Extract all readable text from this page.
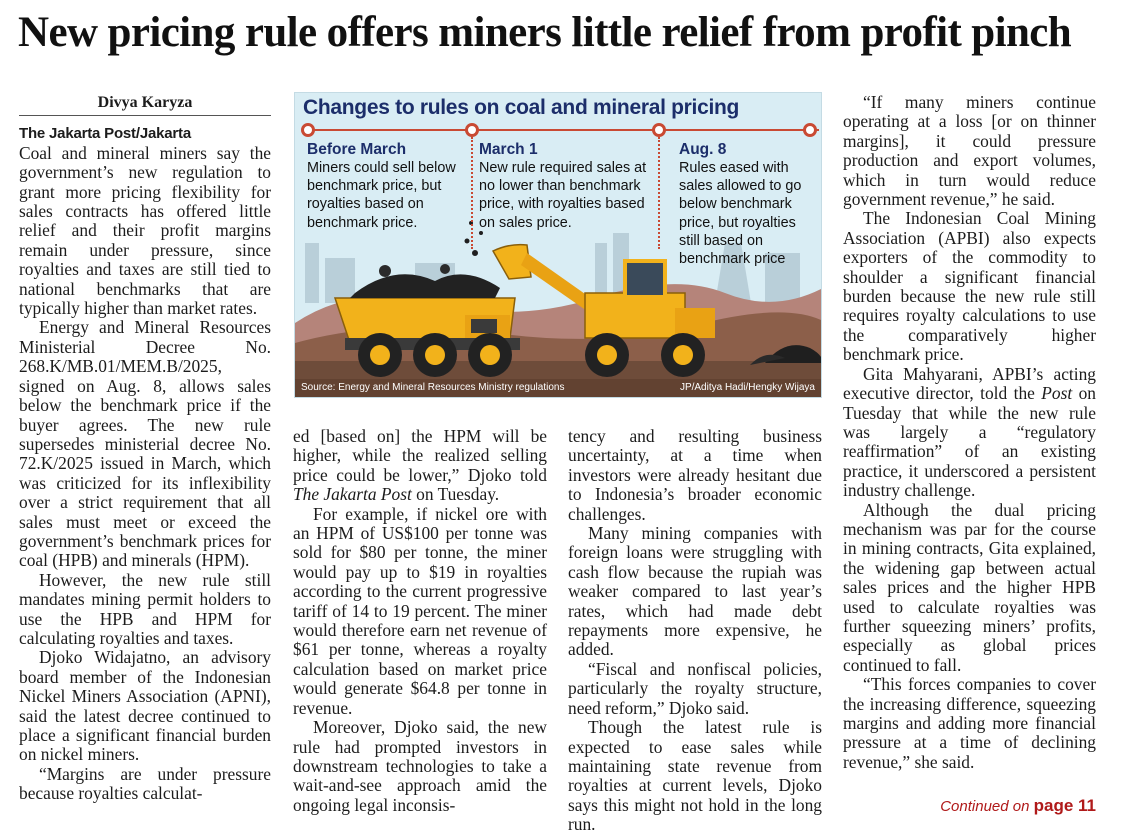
New pricing rule offers miners little relief from profit pinch
Divya Karyza
The Jakarta Post/Jakarta

Coal and mineral miners say the government’s new regulation to grant more pricing flexibility for sales contracts has offered little relief and their profit margins remain under pressure, since royalties and taxes are still tied to national benchmarks that are typically higher than market rates.

Energy and Mineral Resources Ministerial Decree No. 268.K/MB.01/MEM.B/2025, signed on Aug. 8, allows sales below the benchmark price if the buyer agrees. The new rule supersedes ministerial decree No. 72.K/2025 issued in March, which was criticized for its inflexibility over a strict requirement that all sales must meet or exceed the government’s benchmark prices for coal (HPB) and minerals (HPM).

However, the new rule still mandates mining permit holders to use the HPB and HPM for calculating royalties and taxes.

Djoko Widajatno, an advisory board member of the Indonesian Nickel Miners Association (APNI), said the latest decree continued to place a significant financial burden on nickel miners.

“Margins are under pressure because royalties calculat-

Changes to rules on coal and mineral pricing
Before March
Miners could sell below benchmark price, but royalties based on benchmark price.
March 1
New rule required sales at no lower than benchmark price, with royalties based on sales price.
Aug. 8
Rules eased with sales allowed to go below benchmark price, but royalties still based on benchmark price
Source: Energy and Mineral Resources Ministry regulations	JP/Aditya Hadi/Hengky Wijaya

ed [based on] the HPM will be higher, while the realized selling price could be lower,” Djoko told The Jakarta Post on Tuesday.

For example, if nickel ore with an HPM of US$100 per tonne was sold for $80 per tonne, the miner would pay up to $19 in royalties according to the current progressive tariff of 14 to 19 percent. The miner would therefore earn net revenue of $61 per tonne, whereas a royalty calculation based on market price would generate $64.8 per tonne in revenue.

Moreover, Djoko said, the new rule had prompted investors in downstream technologies to take a wait-and-see approach amid the ongoing legal inconsis-

tency and resulting business uncertainty, at a time when investors were already hesitant due to Indonesia’s broader economic challenges.

Many mining companies with foreign loans were struggling with cash flow because the rupiah was weaker compared to last year’s rates, which had made debt repayments more expensive, he added.

“Fiscal and nonfiscal policies, particularly the royalty structure, need reform,” Djoko said.

Though the latest rule is expected to ease sales while maintaining state revenue from royalties at current levels, Djoko says this might not hold in the long run.

“If many miners continue operating at a loss [or on thinner margins], it could pressure production and export volumes, which in turn would reduce government revenue,” he said.

The Indonesian Coal Mining Association (APBI) also expects exporters of the commodity to shoulder a significant financial burden because the new rule still requires royalty calculations to use the comparatively higher benchmark price.

Gita Mahyarani, APBI’s acting executive director, told the Post on Tuesday that while the new rule was largely a “regulatory reaffirmation” of an existing practice, it underscored a persistent industry challenge.

Although the dual pricing mechanism was par for the course in mining contracts, Gita explained, the widening gap between actual sales prices and the higher HPB used to calculate royalties was further squeezing miners’ profits, especially as global prices continued to fall.

“This forces companies to cover the increasing difference, squeezing margins and adding more financial pressure at a time of declining revenue,” she said.

Continued on page 11
